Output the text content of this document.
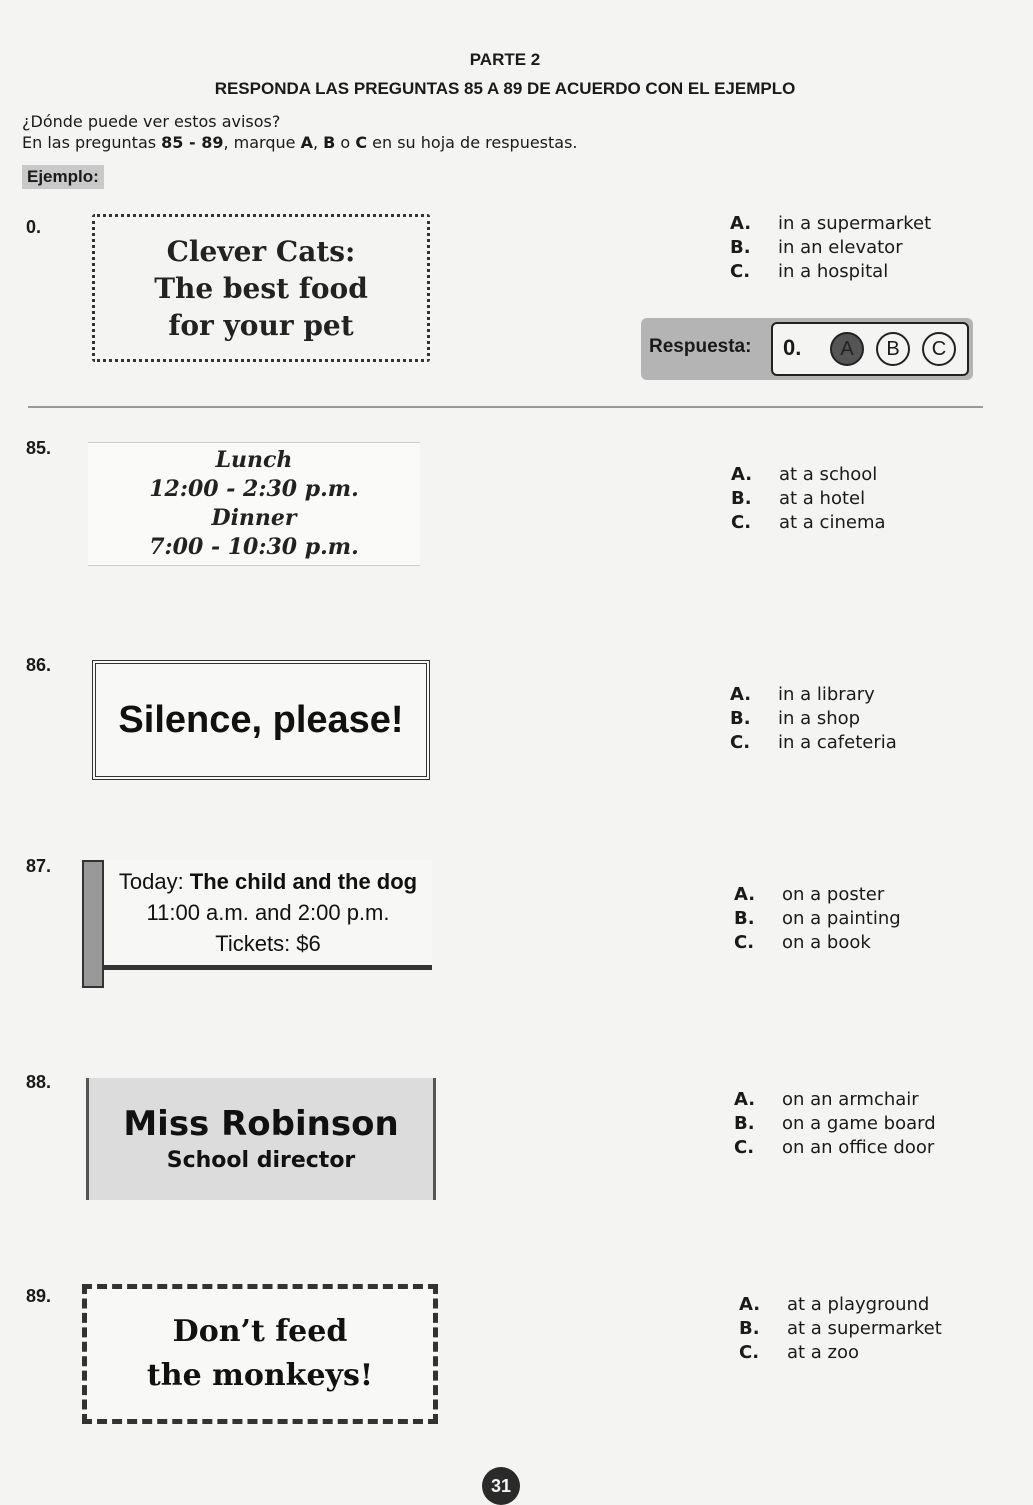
PARTE 2
RESPONDA LAS PREGUNTAS 85 A 89 DE ACUERDO CON EL EJEMPLO
¿Dónde puede ver estos avisos?
En las preguntas 85 - 89, marque A, B o C en su hoja de respuestas.
Ejemplo:
0.
Clever Cats:
The best food
for your pet
A.	in a supermarket
B.	in an elevator
C.	in a hospital
Respuesta: 0.	A	B	C
85.	Lunch
12:00 - 2:30 p.m.
Dinner
7:00 - 10:30 p.m.
A.	at a school
B.	at a hotel
C.	at a cinema
86.
Silence, please!
A.	in a library
B.	in a shop
C.	in a cafeteria
87.
Today: The child and the dog
11:00 a.m. and 2:00 p.m.
Tickets: $6
A.	on a poster
B.	on a painting
C.	on a book
88.
Miss Robinson
School director
A.	on an armchair
B.	on a game board
C.	on an office door
89.
Don’t feed
the monkeys!
A.	at a playground
B.	at a supermarket
C.	at a zoo
31
